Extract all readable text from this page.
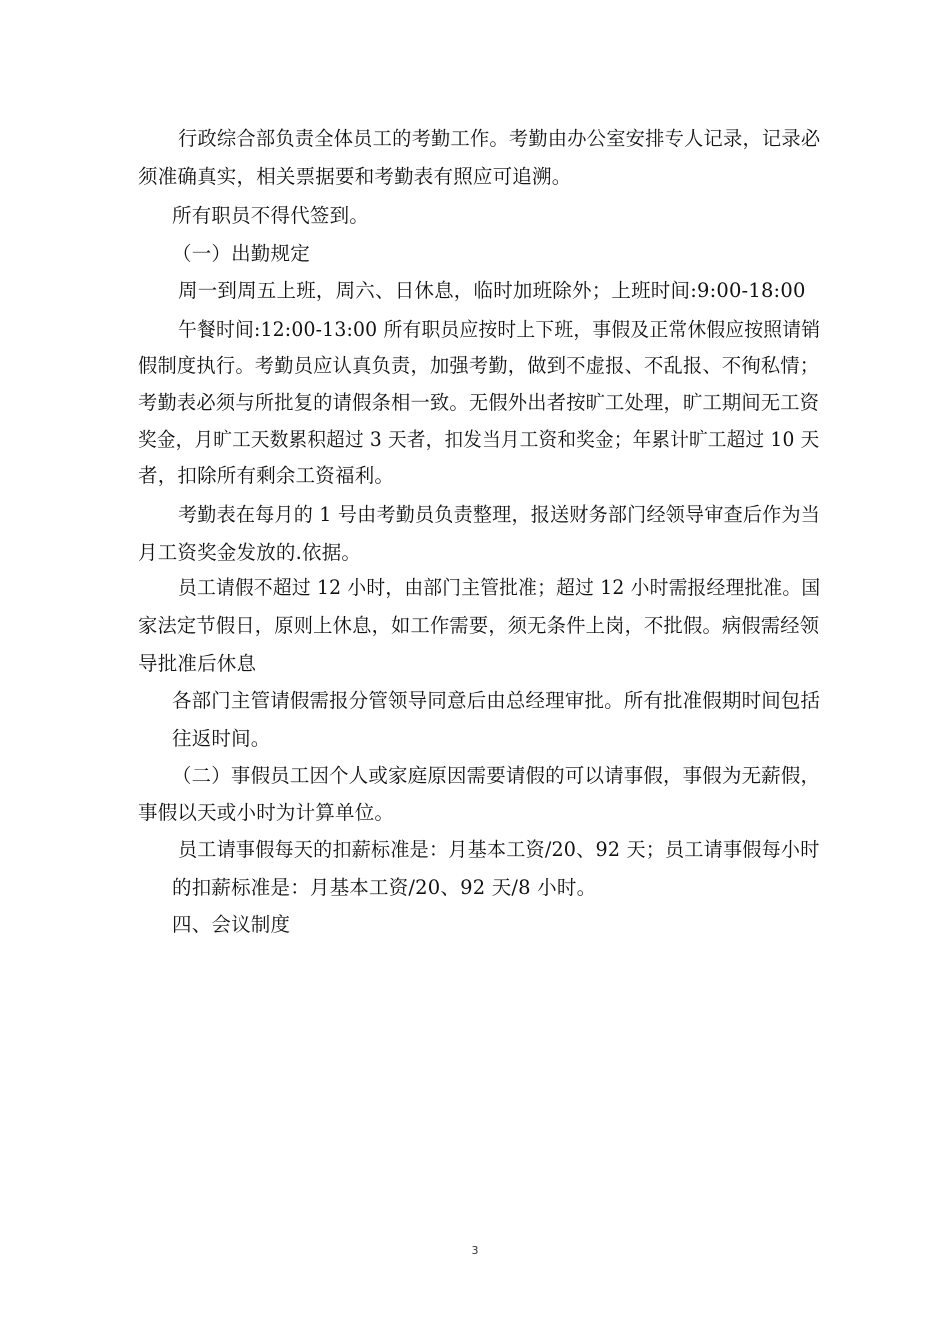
行政综合部负责全体员工的考勤工作。考勤由办公室安排专人记录，记录必
须准确真实，相关票据要和考勤表有照应可追溯。
所有职员不得代签到。
（一）出勤规定
周一到周五上班，周六、日休息，临时加班除外；上班时间:9:00-18:00
午餐时间:12:00-13:00 所有职员应按时上下班，事假及正常休假应按照请销
假制度执行。考勤员应认真负责，加强考勤，做到不虚报、不乱报、不徇私情；
考勤表必须与所批复的请假条相一致。无假外出者按旷工处理，旷工期间无工资
奖金，月旷工天数累积超过 3 天者，扣发当月工资和奖金；年累计旷工超过 10 天
者，扣除所有剩余工资福利。
考勤表在每月的 1 号由考勤员负责整理，报送财务部门经领导审查后作为当
月工资奖金发放的.依据。
员工请假不超过 12 小时，由部门主管批准；超过 12 小时需报经理批准。国
家法定节假日，原则上休息，如工作需要，须无条件上岗，不批假。病假需经领
导批准后休息
各部门主管请假需报分管领导同意后由总经理审批。所有批准假期时间包括
往返时间。
（二）事假员工因个人或家庭原因需要请假的可以请事假，事假为无薪假，
事假以天或小时为计算单位。
员工请事假每天的扣薪标准是：月基本工资/20、92 天；员工请事假每小时
的扣薪标准是：月基本工资/20、92 天/8 小时。
四、会议制度
3
